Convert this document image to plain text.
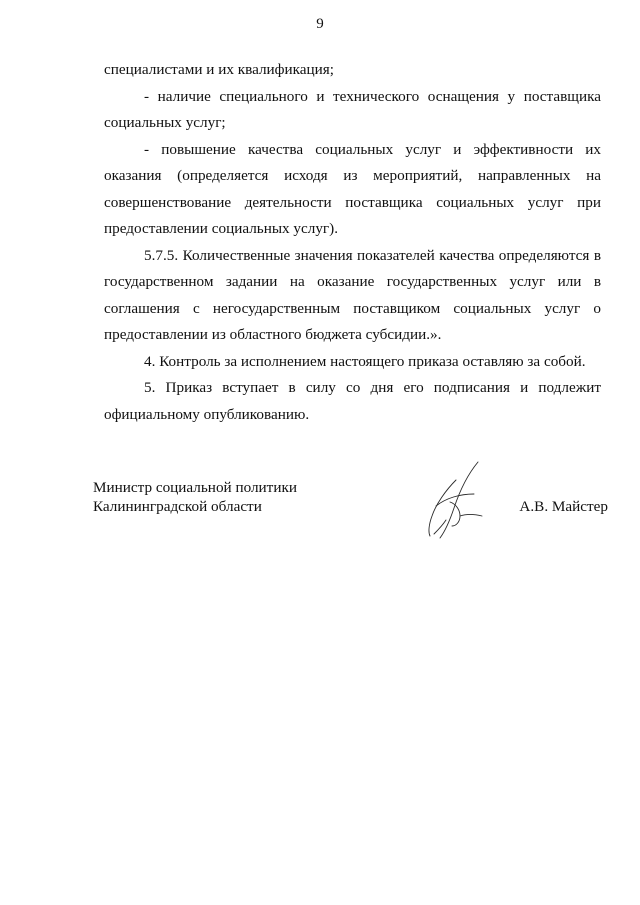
9

специалистами и их квалификация;

- наличие специального и технического оснащения у поставщика социальных услуг;

- повышение качества социальных услуг и эффективности их оказания (определяется исходя из мероприятий, направленных на совершенствование деятельности поставщика социальных услуг при предоставлении социальных услуг).

5.7.5. Количественные значения показателей качества определяются в государственном задании на оказание государственных услуг или в соглашения с негосударственным поставщиком социальных услуг о предоставлении из областного бюджета субсидии.».

4. Контроль за исполнением настоящего приказа оставляю за собой.

5. Приказ вступает в силу со дня его подписания и подлежит официальному опубликованию.

Министр социальной политики
Калининградской области	А.В. Майстер
